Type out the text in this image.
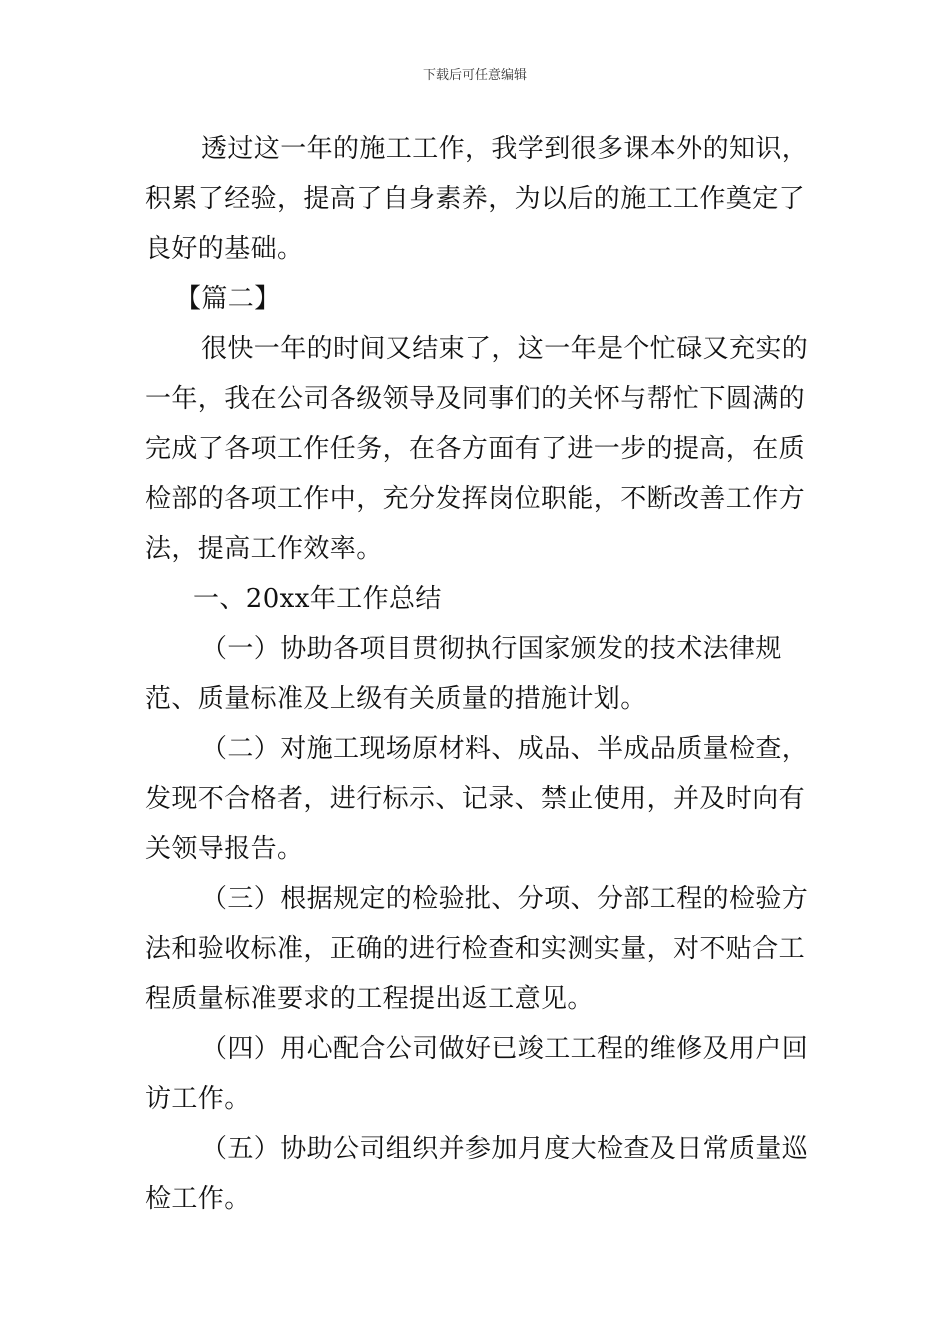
下载后可任意编辑

透过这一年的施工工作，我学到很多课本外的知识，积累了经验，提高了自身素养，为以后的施工工作奠定了良好的基础。

【篇二】

很快一年的时间又结束了，这一年是个忙碌又充实的一年，我在公司各级领导及同事们的关怀与帮忙下圆满的完成了各项工作任务，在各方面有了进一步的提高，在质检部的各项工作中，充分发挥岗位职能，不断改善工作方法，提高工作效率。

一、20xx年工作总结

（一）协助各项目贯彻执行国家颁发的技术法律规范、质量标准及上级有关质量的措施计划。

（二）对施工现场原材料、成品、半成品质量检查，发现不合格者，进行标示、记录、禁止使用，并及时向有关领导报告。

（三）根据规定的检验批、分项、分部工程的检验方法和验收标准，正确的进行检查和实测实量，对不贴合工程质量标准要求的工程提出返工意见。

（四）用心配合公司做好已竣工工程的维修及用户回访工作。

（五）协助公司组织并参加月度大检查及日常质量巡检工作。
